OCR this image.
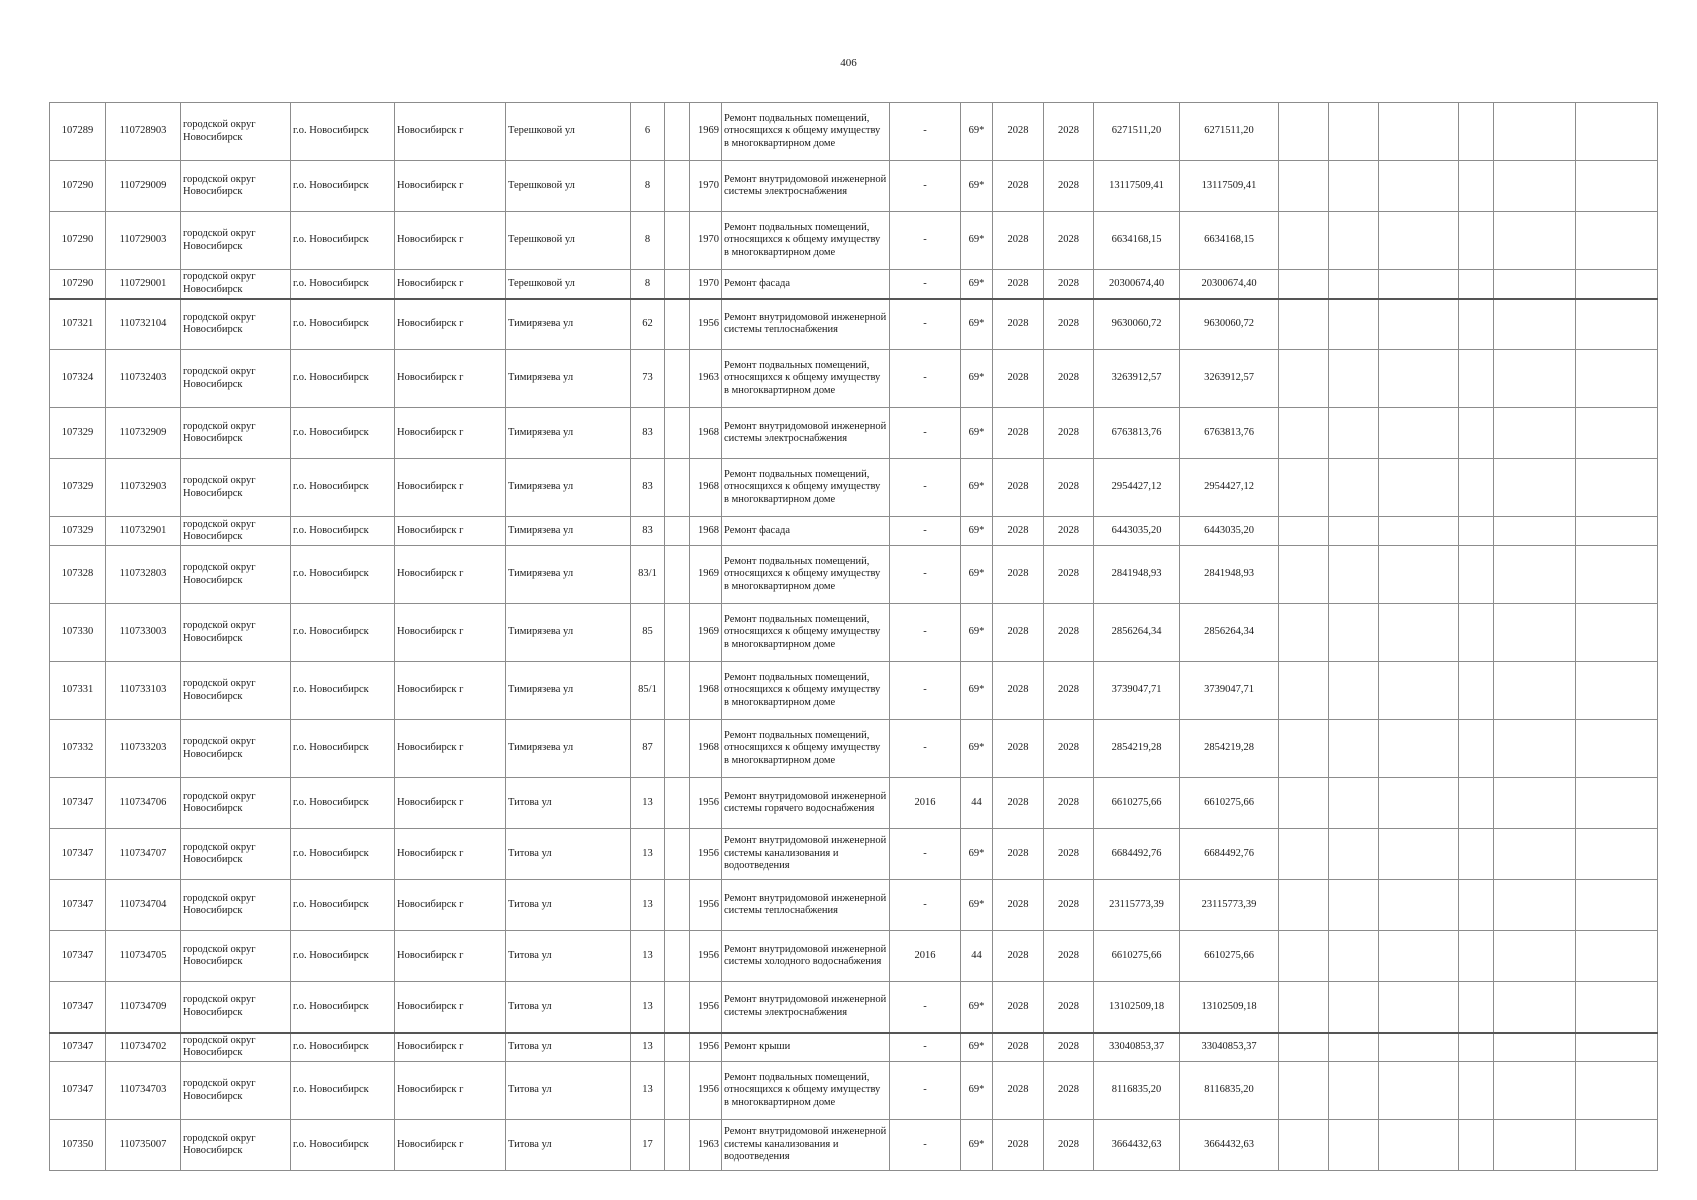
406
107289	110728903	городской округ Новосибирск	г.о. Новосибирск	Новосибирск г	Терешковой ул	6		1969	Ремонт подвальных помещений, относящихся к общему имуществу в многоквартирном доме	-	69*	2028	2028	6271511,20	6271511,20						
107290	110729009	городской округ Новосибирск	г.о. Новосибирск	Новосибирск г	Терешковой ул	8		1970	Ремонт внутридомовой инженерной системы электроснабжения	-	69*	2028	2028	13117509,41	13117509,41						
107290	110729003	городской округ Новосибирск	г.о. Новосибирск	Новосибирск г	Терешковой ул	8		1970	Ремонт подвальных помещений, относящихся к общему имуществу в многоквартирном доме	-	69*	2028	2028	6634168,15	6634168,15						
107290	110729001	городской округ Новосибирск	г.о. Новосибирск	Новосибирск г	Терешковой ул	8		1970	Ремонт фасада	-	69*	2028	2028	20300674,40	20300674,40						
107321	110732104	городской округ Новосибирск	г.о. Новосибирск	Новосибирск г	Тимирязева ул	62		1956	Ремонт внутридомовой инженерной системы теплоснабжения	-	69*	2028	2028	9630060,72	9630060,72						
107324	110732403	городской округ Новосибирск	г.о. Новосибирск	Новосибирск г	Тимирязева ул	73		1963	Ремонт подвальных помещений, относящихся к общему имуществу в многоквартирном доме	-	69*	2028	2028	3263912,57	3263912,57						
107329	110732909	городской округ Новосибирск	г.о. Новосибирск	Новосибирск г	Тимирязева ул	83		1968	Ремонт внутридомовой инженерной системы электроснабжения	-	69*	2028	2028	6763813,76	6763813,76						
107329	110732903	городской округ Новосибирск	г.о. Новосибирск	Новосибирск г	Тимирязева ул	83		1968	Ремонт подвальных помещений, относящихся к общему имуществу в многоквартирном доме	-	69*	2028	2028	2954427,12	2954427,12						
107329	110732901	городской округ Новосибирск	г.о. Новосибирск	Новосибирск г	Тимирязева ул	83		1968	Ремонт фасада	-	69*	2028	2028	6443035,20	6443035,20						
107328	110732803	городской округ Новосибирск	г.о. Новосибирск	Новосибирск г	Тимирязева ул	83/1		1969	Ремонт подвальных помещений, относящихся к общему имуществу в многоквартирном доме	-	69*	2028	2028	2841948,93	2841948,93						
107330	110733003	городской округ Новосибирск	г.о. Новосибирск	Новосибирск г	Тимирязева ул	85		1969	Ремонт подвальных помещений, относящихся к общему имуществу в многоквартирном доме	-	69*	2028	2028	2856264,34	2856264,34						
107331	110733103	городской округ Новосибирск	г.о. Новосибирск	Новосибирск г	Тимирязева ул	85/1		1968	Ремонт подвальных помещений, относящихся к общему имуществу в многоквартирном доме	-	69*	2028	2028	3739047,71	3739047,71						
107332	110733203	городской округ Новосибирск	г.о. Новосибирск	Новосибирск г	Тимирязева ул	87		1968	Ремонт подвальных помещений, относящихся к общему имуществу в многоквартирном доме	-	69*	2028	2028	2854219,28	2854219,28						
107347	110734706	городской округ Новосибирск	г.о. Новосибирск	Новосибирск г	Титова ул	13		1956	Ремонт внутридомовой инженерной системы горячего водоснабжения	2016	44	2028	2028	6610275,66	6610275,66						
107347	110734707	городской округ Новосибирск	г.о. Новосибирск	Новосибирск г	Титова ул	13		1956	Ремонт внутридомовой инженерной системы канализования и водоотведения	-	69*	2028	2028	6684492,76	6684492,76						
107347	110734704	городской округ Новосибирск	г.о. Новосибирск	Новосибирск г	Титова ул	13		1956	Ремонт внутридомовой инженерной системы теплоснабжения	-	69*	2028	2028	23115773,39	23115773,39						
107347	110734705	городской округ Новосибирск	г.о. Новосибирск	Новосибирск г	Титова ул	13		1956	Ремонт внутридомовой инженерной системы холодного водоснабжения	2016	44	2028	2028	6610275,66	6610275,66						
107347	110734709	городской округ Новосибирск	г.о. Новосибирск	Новосибирск г	Титова ул	13		1956	Ремонт внутридомовой инженерной системы электроснабжения	-	69*	2028	2028	13102509,18	13102509,18						
107347	110734702	городской округ Новосибирск	г.о. Новосибирск	Новосибирск г	Титова ул	13		1956	Ремонт крыши	-	69*	2028	2028	33040853,37	33040853,37						
107347	110734703	городской округ Новосибирск	г.о. Новосибирск	Новосибирск г	Титова ул	13		1956	Ремонт подвальных помещений, относящихся к общему имуществу в многоквартирном доме	-	69*	2028	2028	8116835,20	8116835,20						
107350	110735007	городской округ Новосибирск	г.о. Новосибирск	Новосибирск г	Титова ул	17		1963	Ремонт внутридомовой инженерной системы канализования и водоотведения	-	69*	2028	2028	3664432,63	3664432,63						
